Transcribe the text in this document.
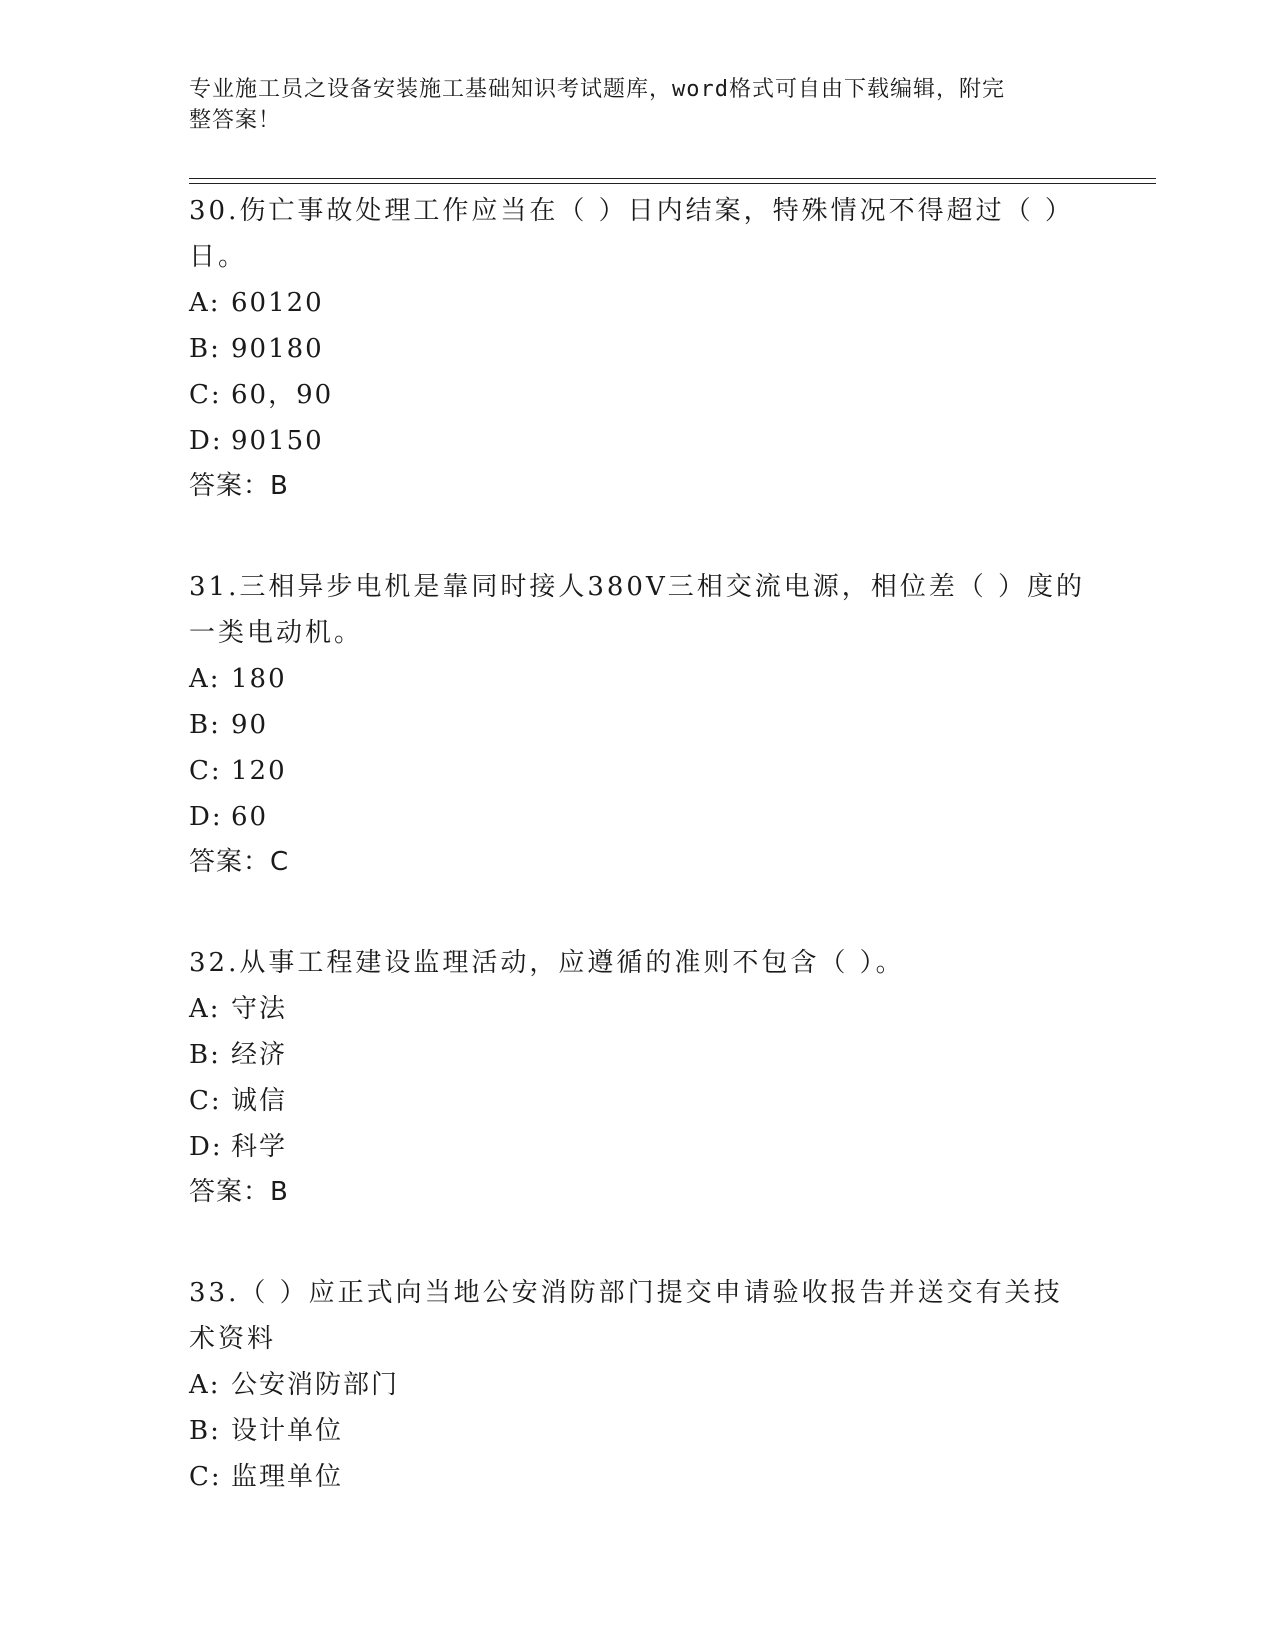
专业施工员之设备安装施工基础知识考试题库，word格式可自由下载编辑，附完
整答案！
30.伤亡事故处理工作应当在（ ）日内结案，特殊情况不得超过（ ）
日。
A: 60120
B: 90180
C: 60，90
D: 90150
答案：B
31.三相异步电机是靠同时接人380V三相交流电源，相位差（ ）度的
一类电动机。
A: 180
B: 90
C: 120
D: 60
答案：C
32.从事工程建设监理活动，应遵循的准则不包含（ ）。
A: 守法
B: 经济
C: 诚信
D: 科学
答案：B
33.（ ）应正式向当地公安消防部门提交申请验收报告并送交有关技
术资料
A: 公安消防部门
B: 设计单位
C: 监理单位
